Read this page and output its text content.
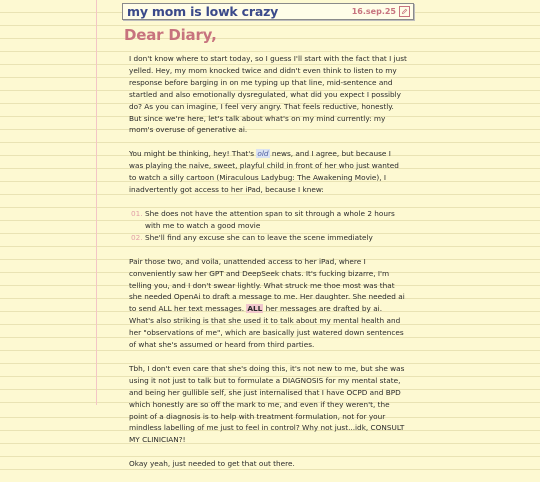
my mom is lowk crazy	16.sep.25
Dear Diary,

I don't know where to start today, so I guess I'll start with the fact that I just yelled. Hey, my mom knocked twice and didn't even think to listen to my response before barging in on me typing up that line, mid-sentence and startled and also emotionally dysregulated, what did you expect I possibly do? As you can imagine, I feel very angry. That feels reductive, honestly. But since we're here, let's talk about what's on my mind currently: my mom's overuse of generative ai.

You might be thinking, hey! That's old news, and I agree, but because I was playing the naive, sweet, playful child in front of her who just wanted to watch a silly cartoon (Miraculous Ladybug: The Awakening Movie), I inadvertently got access to her iPad, because I knew:

01. She does not have the attention span to sit through a whole 2 hours with me to watch a good movie
02. She'll find any excuse she can to leave the scene immediately

Pair those two, and voila, unattended access to her iPad, where I conveniently saw her GPT and DeepSeek chats. It's fucking bizarre, I'm telling you, and I don't swear lightly. What struck me thoe most was that she needed OpenAi to draft a message to me. Her daughter. She needed ai to send ALL her text messages. ALL her messages are drafted by ai. What's also striking is that she used it to talk about my mental health and her "observations of me", which are basically just watered down sentences of what she's assumed or heard from third parties.

Tbh, I don't even care that she's doing this, it's not new to me, but she was using it not just to talk but to formulate a DIAGNOSIS for my mental state, and being her gullible self, she just internalised that I have OCPD and BPD which honestly are so off the mark to me, and even if they weren't, the point of a diagnosis is to help with treatment formulation, not for your mindless labelling of me just to feel in control? Why not just...idk, CONSULT MY CLINICIAN?!

Okay yeah, just needed to get that out there.
